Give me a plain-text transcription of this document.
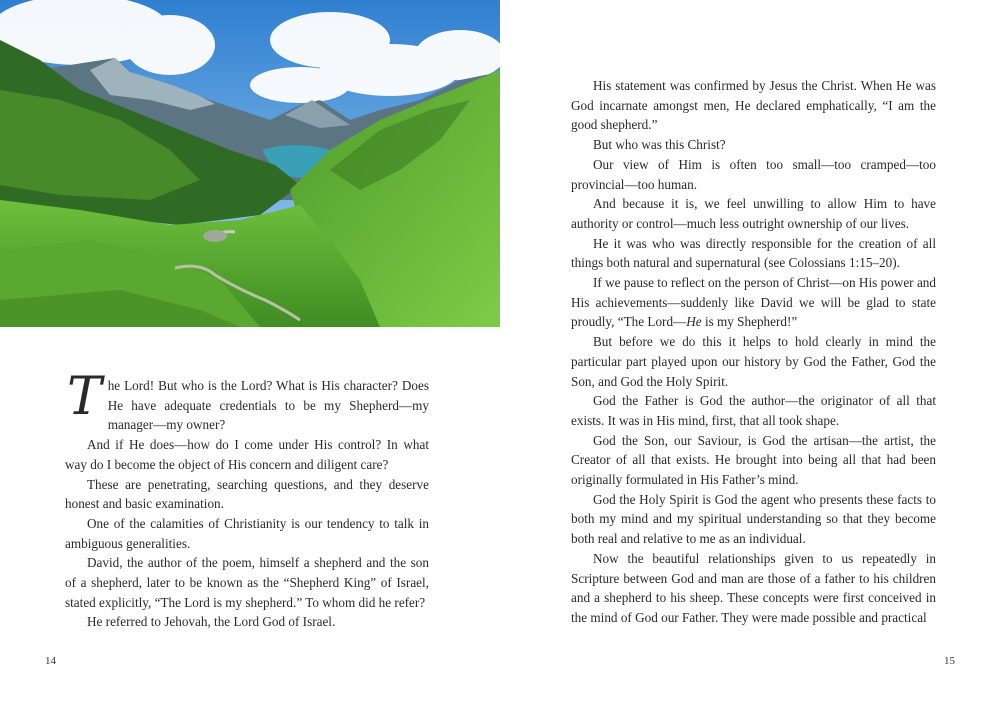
The Lord! But who is the Lord? What is His character? Does He have adequate credentials to be my Shepherd—my manager—my owner?

And if He does—how do I come under His control? In what way do I become the object of His concern and diligent care?

These are penetrating, searching questions, and they deserve honest and basic examination.

One of the calamities of Christianity is our tendency to talk in ambiguous generalities.

David, the author of the poem, himself a shepherd and the son of a shepherd, later to be known as the “Shepherd King” of Israel, stated explicitly, “The Lord is my shepherd.” To whom did he refer?

He referred to Jehovah, the Lord God of Israel.

14

His statement was confirmed by Jesus the Christ. When He was God incarnate amongst men, He declared emphatically, “I am the good shepherd.”

But who was this Christ?

Our view of Him is often too small—too cramped—too provincial—too human.

And because it is, we feel unwilling to allow Him to have authority or control—much less outright ownership of our lives.

He it was who was directly responsible for the creation of all things both natural and supernatural (see Colossians 1:15–20).

If we pause to reflect on the person of Christ—on His power and His achievements—suddenly like David we will be glad to state proudly, “The Lord—He is my Shepherd!”

But before we do this it helps to hold clearly in mind the particular part played upon our history by God the Father, God the Son, and God the Holy Spirit.

God the Father is God the author—the originator of all that exists. It was in His mind, first, that all took shape.

God the Son, our Saviour, is God the artisan—the artist, the Creator of all that exists. He brought into being all that had been originally formulated in His Father’s mind.

God the Holy Spirit is God the agent who presents these facts to both my mind and my spiritual understanding so that they become both real and relative to me as an individual.

Now the beautiful relationships given to us repeatedly in Scripture between God and man are those of a father to his children and a shepherd to his sheep. These concepts were first conceived in the mind of God our Father. They were made possible and practical

15
